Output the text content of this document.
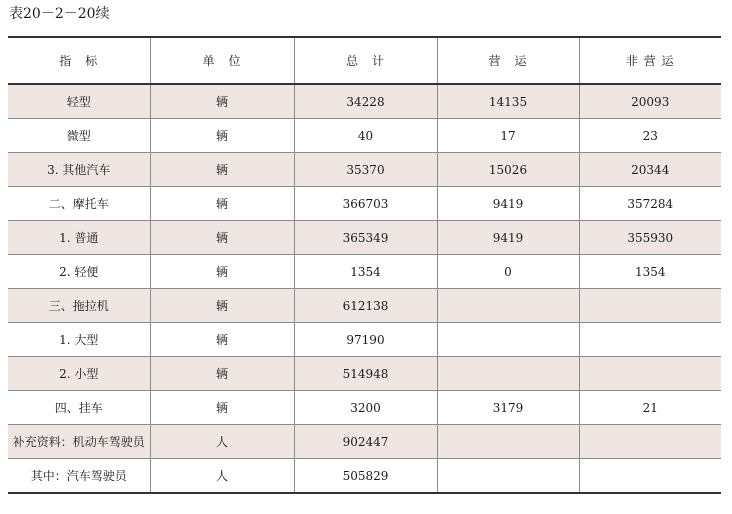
表20－2－20续
指　标	单　位	总　计	营　运	非 营 运
轻型	辆	34228	14135	20093
微型	辆	40	17	23
3. 其他汽车	辆	35370	15026	20344
二、摩托车	辆	366703	9419	357284
1. 普通	辆	365349	9419	355930
2. 轻便	辆	1354	0	1354
三、拖拉机	辆	612138		
1. 大型	辆	97190		
2. 小型	辆	514948		
四、挂车	辆	3200	3179	21
补充资料：机动车驾驶员	人	902447		
其中：汽车驾驶员	人	505829		
